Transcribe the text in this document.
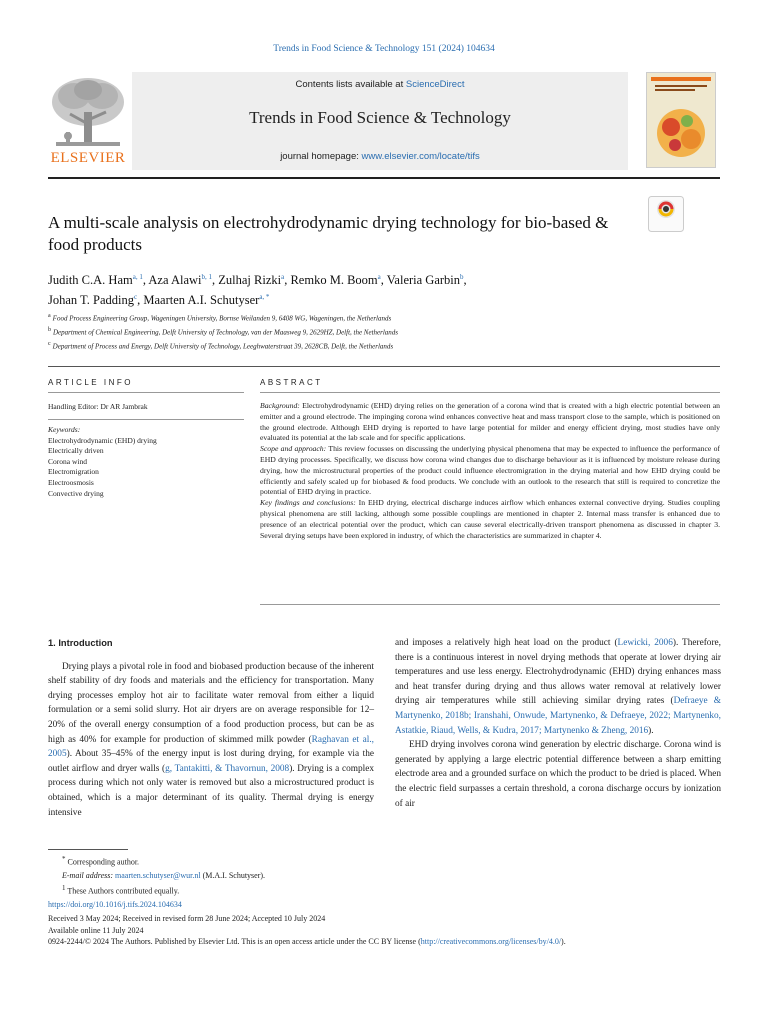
Trends in Food Science & Technology 151 (2024) 104634
ELSEVIER
Contents lists available at ScienceDirect
Trends in Food Science & Technology
journal homepage: www.elsevier.com/locate/tifs
A multi-scale analysis on electrohydrodynamic drying technology for bio-based & food products
Judith C.A. Ham$^{a, 1}$, Aza Alawi$^{b, 1}$, Zulhaj Rizki$^a$, Remko M. Boom$^a$, Valeria Garbin$^b$,
Johan T. Padding$^c$, Maarten A.I. Schutyser$^{a, *}$
a Food Process Engineering Group, Wageningen University, Bornse Weilanden 9, 6408 WG, Wageningen, the Netherlands
b Department of Chemical Engineering, Delft University of Technology, van der Maasweg 9, 2629HZ, Delft, the Netherlands
c Department of Process and Energy, Delft University of Technology, Leeghwaterstraat 39, 2628CB, Delft, the Netherlands
ARTICLE INFO	ABSTRACT
Handling Editor: Dr AR Jambrak
Keywords:
Electrohydrodynamic (EHD) drying
Electrically driven
Corona wind
Electromigration
Electroosmosis
Convective drying

Background: Electrohydrodynamic (EHD) drying relies on the generation of a corona wind that is created with a high electric potential between an emitter and a ground electrode. The impinging corona wind enhances convective heat and mass transport close to the sample, which is positioned on the ground electrode. Although EHD drying is reported to have large potential for milder and energy efficient drying, most studies have only evaluated its potential at the lab scale and for specific applications.

Scope and approach: This review focusses on discussing the underlying physical phenomena that may be expected to influence the performance of EHD drying processes. Specifically, we discuss how corona wind changes due to discharge behaviour as it is influenced by moisture release during drying, how the microstructural properties of the product could influence electromigration in the drying material and how EHD drying could be efficiently and safely scaled up for biobased & food products. We conclude with an outlook to the research that still is required to concretize the potential of EHD drying in practice.

Key findings and conclusions: In EHD drying, electrical discharge induces airflow which enhances external convective drying. Studies coupling physical phenomena are still lacking, although some possible couplings are mentioned in chapter 2. Internal mass transfer is enhanced due to presence of an electrical potential over the product, which can cause several electrically-driven transport phenomena as discussed in chapter 3. Several drying setups have been explored in industry, of which the characteristics are summarized in chapter 4.

1. Introduction

Drying plays a pivotal role in food and biobased production because of the inherent shelf stability of dry foods and materials and the efficiency for transportation. Many drying processes employ hot air to facilitate water removal from either a liquid formulation or a semi solid slurry. Hot air dryers are on average responsible for 12–20% of the overall energy consumption of a food production process, but can be as high as 40% for example for production of skimmed milk powder (Raghavan et al., 2005). About 35–45% of the energy input is lost during drying, for example via the outlet airflow and dryer walls (g, Tantakitti, & Thavornun, 2008). Drying is a complex process during which not only water is removed but also a microstructured product is obtained, which is a major determinant of its quality. Thermal drying is energy intensive

and imposes a relatively high heat load on the product (Lewicki, 2006). Therefore, there is a continuous interest in novel drying methods that operate at lower drying air temperatures and use less energy. Electrohydrodynamic (EHD) drying enhances mass and heat transfer during drying and thus allows water removal at relatively lower drying air temperatures while still achieving similar drying rates (Defraeye & Martynenko, 2018b; Iranshahi, Onwude, Martynenko, & Defraeye, 2022; Martynenko, Astatkie, Riaud, Wells, & Kudra, 2017; Martynenko & Zheng, 2016).

EHD drying involves corona wind generation by electric discharge. Corona wind is generated by applying a large electric potential difference between a sharp emitting electrode area and a grounded surface on which the product to be dried is placed. When the electric field surpasses a certain threshold, a corona discharge occurs by ionization of air

* Corresponding author.
E-mail address: maarten.schutyser@wur.nl (M.A.I. Schutyser).
$^1$ These Authors contributed equally.
https://doi.org/10.1016/j.tifs.2024.104634
Received 3 May 2024; Received in revised form 28 June 2024; Accepted 10 July 2024
Available online 11 July 2024
0924-2244/© 2024 The Authors. Published by Elsevier Ltd. This is an open access article under the CC BY license (http://creativecommons.org/licenses/by/4.0/).
